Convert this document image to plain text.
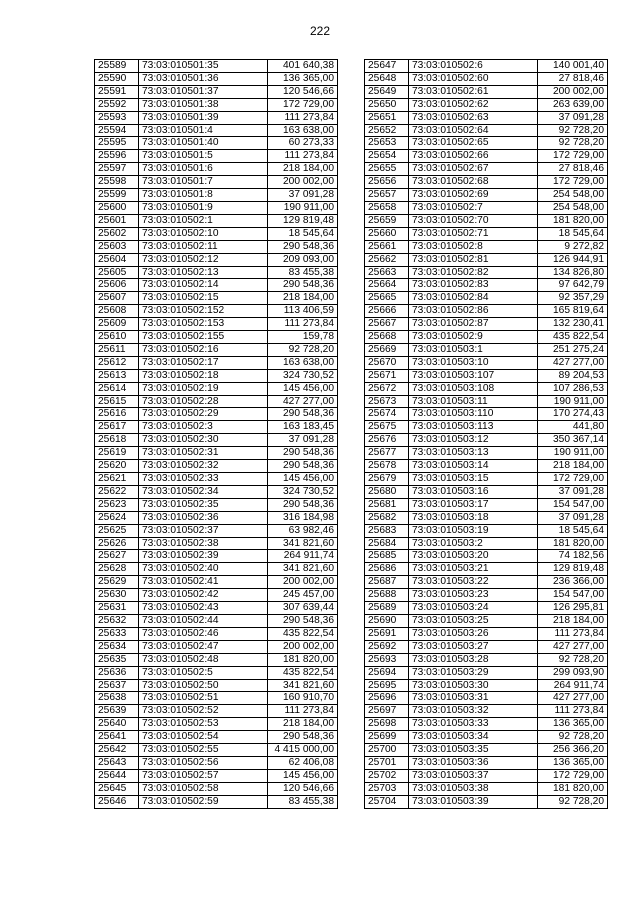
222
25589	73:03:010501:35	401 640,38
25590	73:03:010501:36	136 365,00
25591	73:03:010501:37	120 546,66
25592	73:03:010501:38	172 729,00
25593	73:03:010501:39	111 273,84
25594	73:03:010501:4	163 638,00
25595	73:03:010501:40	60 273,33
25596	73:03:010501:5	111 273,84
25597	73:03:010501:6	218 184,00
25598	73:03:010501:7	200 002,00
25599	73:03:010501:8	37 091,28
25600	73:03:010501:9	190 911,00
25601	73:03:010502:1	129 819,48
25602	73:03:010502:10	18 545,64
25603	73:03:010502:11	290 548,36
25604	73:03:010502:12	209 093,00
25605	73:03:010502:13	83 455,38
25606	73:03:010502:14	290 548,36
25607	73:03:010502:15	218 184,00
25608	73:03:010502:152	113 406,59
25609	73:03:010502:153	111 273,84
25610	73:03:010502:155	159,78
25611	73:03:010502:16	92 728,20
25612	73:03:010502:17	163 638,00
25613	73:03:010502:18	324 730,52
25614	73:03:010502:19	145 456,00
25615	73:03:010502:28	427 277,00
25616	73:03:010502:29	290 548,36
25617	73:03:010502:3	163 183,45
25618	73:03:010502:30	37 091,28
25619	73:03:010502:31	290 548,36
25620	73:03:010502:32	290 548,36
25621	73:03:010502:33	145 456,00
25622	73:03:010502:34	324 730,52
25623	73:03:010502:35	290 548,36
25624	73:03:010502:36	316 184,98
25625	73:03:010502:37	63 982,46
25626	73:03:010502:38	341 821,60
25627	73:03:010502:39	264 911,74
25628	73:03:010502:40	341 821,60
25629	73:03:010502:41	200 002,00
25630	73:03:010502:42	245 457,00
25631	73:03:010502:43	307 639,44
25632	73:03:010502:44	290 548,36
25633	73:03:010502:46	435 822,54
25634	73:03:010502:47	200 002,00
25635	73:03:010502:48	181 820,00
25636	73:03:010502:5	435 822,54
25637	73:03:010502:50	341 821,60
25638	73:03:010502:51	160 910,70
25639	73:03:010502:52	111 273,84
25640	73:03:010502:53	218 184,00
25641	73:03:010502:54	290 548,36
25642	73:03:010502:55	4 415 000,00
25643	73:03:010502:56	62 406,08
25644	73:03:010502:57	145 456,00
25645	73:03:010502:58	120 546,66
25646	73:03:010502:59	83 455,38
25647	73:03:010502:6	140 001,40
25648	73:03:010502:60	27 818,46
25649	73:03:010502:61	200 002,00
25650	73:03:010502:62	263 639,00
25651	73:03:010502:63	37 091,28
25652	73:03:010502:64	92 728,20
25653	73:03:010502:65	92 728,20
25654	73:03:010502:66	172 729,00
25655	73:03:010502:67	27 818,46
25656	73:03:010502:68	172 729,00
25657	73:03:010502:69	254 548,00
25658	73:03:010502:7	254 548,00
25659	73:03:010502:70	181 820,00
25660	73:03:010502:71	18 545,64
25661	73:03:010502:8	9 272,82
25662	73:03:010502:81	126 944,91
25663	73:03:010502:82	134 826,80
25664	73:03:010502:83	97 642,79
25665	73:03:010502:84	92 357,29
25666	73:03:010502:86	165 819,64
25667	73:03:010502:87	132 230,41
25668	73:03:010502:9	435 822,54
25669	73:03:010503:1	251 275,24
25670	73:03:010503:10	427 277,00
25671	73:03:010503:107	89 204,53
25672	73:03:010503:108	107 286,53
25673	73:03:010503:11	190 911,00
25674	73:03:010503:110	170 274,43
25675	73:03:010503:113	441,80
25676	73:03:010503:12	350 367,14
25677	73:03:010503:13	190 911,00
25678	73:03:010503:14	218 184,00
25679	73:03:010503:15	172 729,00
25680	73:03:010503:16	37 091,28
25681	73:03:010503:17	154 547,00
25682	73:03:010503:18	37 091,28
25683	73:03:010503:19	18 545,64
25684	73:03:010503:2	181 820,00
25685	73:03:010503:20	74 182,56
25686	73:03:010503:21	129 819,48
25687	73:03:010503:22	236 366,00
25688	73:03:010503:23	154 547,00
25689	73:03:010503:24	126 295,81
25690	73:03:010503:25	218 184,00
25691	73:03:010503:26	111 273,84
25692	73:03:010503:27	427 277,00
25693	73:03:010503:28	92 728,20
25694	73:03:010503:29	299 093,90
25695	73:03:010503:30	264 911,74
25696	73:03:010503:31	427 277,00
25697	73:03:010503:32	111 273,84
25698	73:03:010503:33	136 365,00
25699	73:03:010503:34	92 728,20
25700	73:03:010503:35	256 366,20
25701	73:03:010503:36	136 365,00
25702	73:03:010503:37	172 729,00
25703	73:03:010503:38	181 820,00
25704	73:03:010503:39	92 728,20
